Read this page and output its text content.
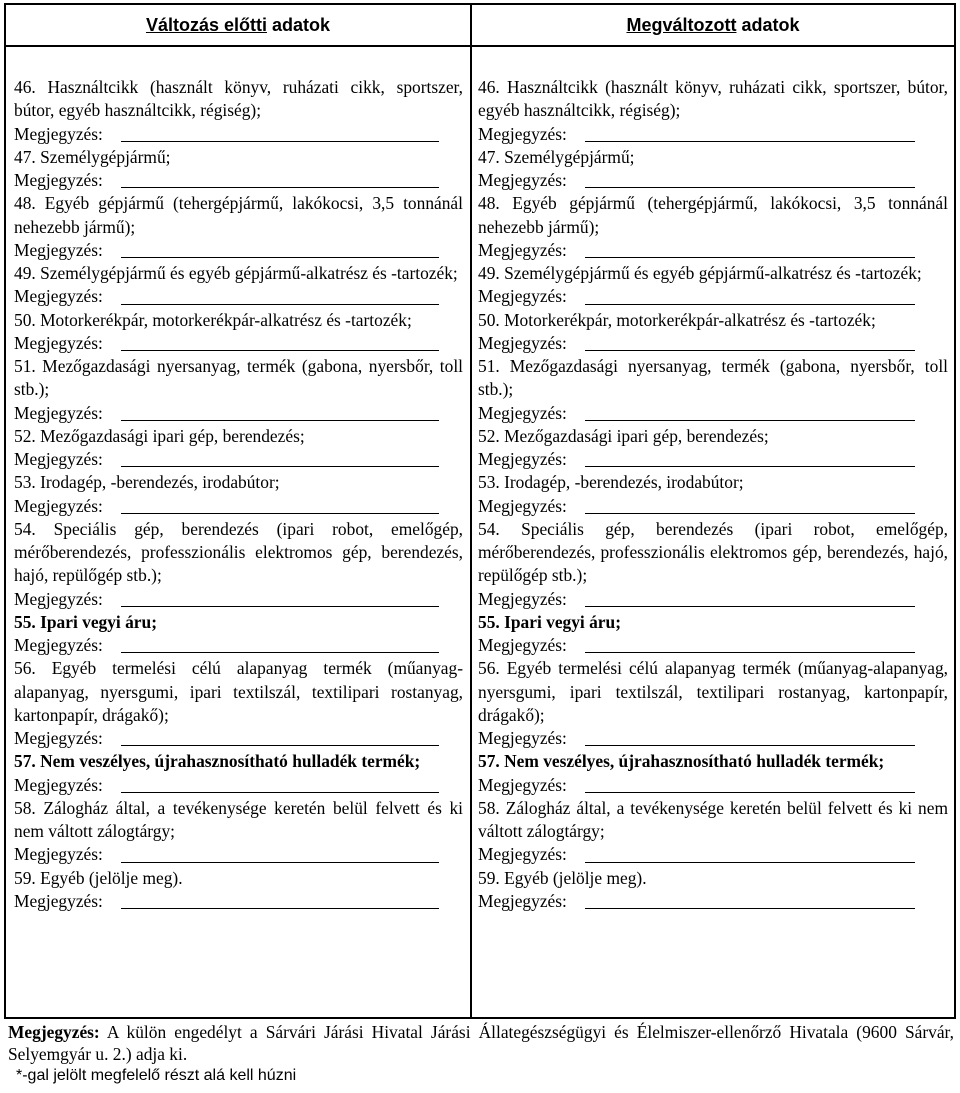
Változás előtti adatok
46. Használtcikk (használt könyv, ruházati cikk, sportszer, bútor, egyéb használtcikk, régiség);
Megjegyzés:
47. Személygépjármű;
Megjegyzés:
48. Egyéb gépjármű (tehergépjármű, lakókocsi, 3,5 tonnánál nehezebb jármű);
Megjegyzés:
49. Személygépjármű és egyéb gépjármű-alkatrész és -tartozék;
Megjegyzés:
50. Motorkerékpár, motorkerékpár-alkatrész és -tartozék;
Megjegyzés:
51. Mezőgazdasági nyersanyag, termék (gabona, nyersbőr, toll stb.);
Megjegyzés:
52. Mezőgazdasági ipari gép, berendezés;
Megjegyzés:
53. Irodagép, -berendezés, irodabútor;
Megjegyzés:
54. Speciális gép, berendezés (ipari robot, emelőgép, mérőberendezés, professzionális elektromos gép, berendezés, hajó, repülőgép stb.);
Megjegyzés:
55. Ipari vegyi áru;
Megjegyzés:
56. Egyéb termelési célú alapanyag termék (műanyag-alapanyag, nyersgumi, ipari textilszál, textilipari rostanyag, kartonpapír, drágakő);
Megjegyzés:
57. Nem veszélyes, újrahasznosítható hulladék termék;
Megjegyzés:
58. Zálogház által, a tevékenysége keretén belül felvett és ki nem váltott zálogtárgy;
Megjegyzés:
59. Egyéb (jelölje meg).
Megjegyzés:
Megváltozott adatok
46. Használtcikk (használt könyv, ruházati cikk, sportszer, bútor, egyéb használtcikk, régiség);
Megjegyzés:
47. Személygépjármű;
Megjegyzés:
48. Egyéb gépjármű (tehergépjármű, lakókocsi, 3,5 tonnánál nehezebb jármű);
Megjegyzés:
49. Személygépjármű és egyéb gépjármű-alkatrész és -tartozék;
Megjegyzés:
50. Motorkerékpár, motorkerékpár-alkatrész és -tartozék;
Megjegyzés:
51. Mezőgazdasági nyersanyag, termék (gabona, nyersbőr, toll stb.);
Megjegyzés:
52. Mezőgazdasági ipari gép, berendezés;
Megjegyzés:
53. Irodagép, -berendezés, irodabútor;
Megjegyzés:
54. Speciális gép, berendezés (ipari robot, emelőgép, mérőberendezés, professzionális elektromos gép, berendezés, hajó, repülőgép stb.);
Megjegyzés:
55. Ipari vegyi áru;
Megjegyzés:
56. Egyéb termelési célú alapanyag termék (műanyag-alapanyag, nyersgumi, ipari textilszál, textilipari rostanyag, kartonpapír, drágakő);
Megjegyzés:
57. Nem veszélyes, újrahasznosítható hulladék termék;
Megjegyzés:
58. Zálogház által, a tevékenysége keretén belül felvett és ki nem váltott zálogtárgy;
Megjegyzés:
59. Egyéb (jelölje meg).
Megjegyzés:
Megjegyzés: A külön engedélyt a Sárvári Járási Hivatal Járási Állategészségügyi és Élelmiszer-ellenőrző Hivatala (9600 Sárvár, Selyemgyár u. 2.) adja ki.
*-gal jelölt megfelelő részt alá kell húzni
